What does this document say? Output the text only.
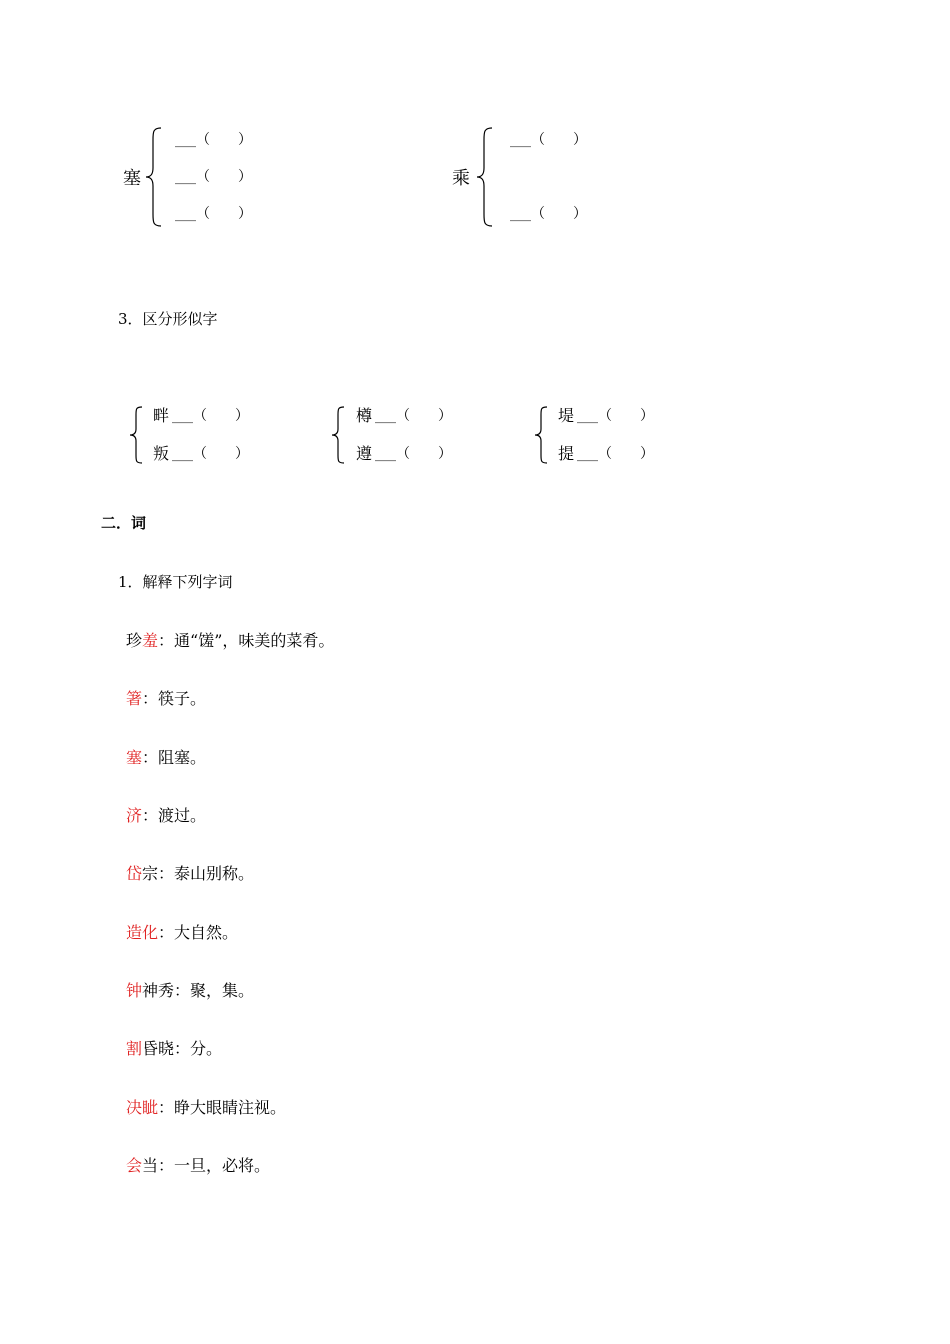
塞
___（　　）
___（　　）
___（　　）
乘
___（　　）
___（　　）
3．区分形似字
畔 ___（　　）
叛 ___（　　）
樽 ___（　　）
遵 ___（　　）
堤 ___（　　）
提 ___（　　）
二．词
1．解释下列字词
珍羞：通“馐”，味美的菜肴。
箸：筷子。
塞：阻塞。
济：渡过。
岱宗：泰山别称。
造化：大自然。
钟神秀：聚，集。
割昏晓：分。
决眦：睁大眼睛注视。
会当：一旦，必将。
